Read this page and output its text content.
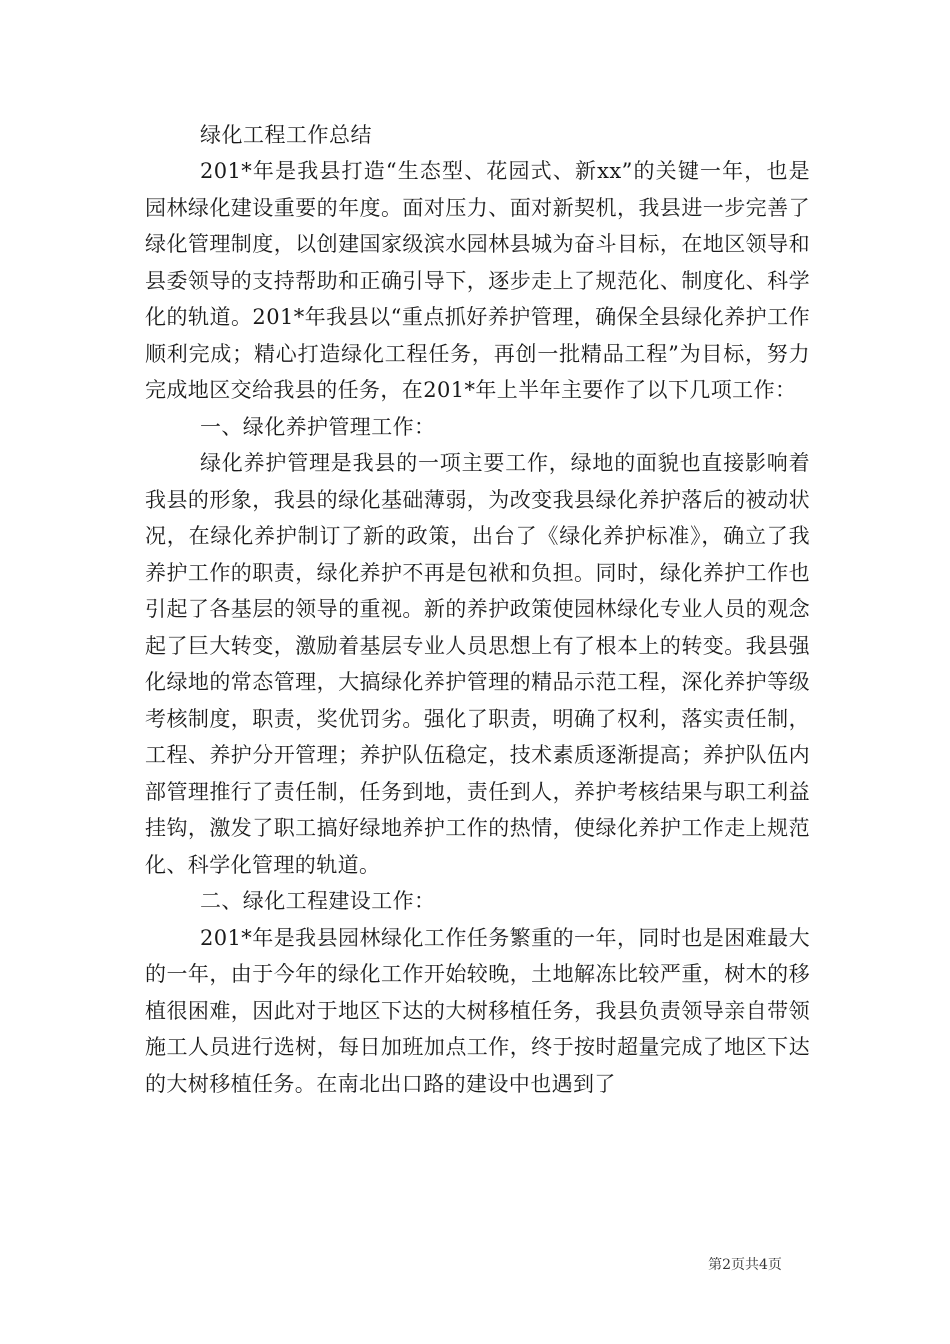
绿化工程工作总结

201*年是我县打造“生态型、花园式、新xx”的关键一年，也是园林绿化建设重要的年度。面对压力、面对新契机，我县进一步完善了绿化管理制度，以创建国家级滨水园林县城为奋斗目标，在地区领导和县委领导的支持帮助和正确引导下，逐步走上了规范化、制度化、科学化的轨道。201*年我县以“重点抓好养护管理，确保全县绿化养护工作顺利完成；精心打造绿化工程任务，再创一批精品工程”为目标，努力完成地区交给我县的任务，在201*年上半年主要作了以下几项工作：

一、绿化养护管理工作：

绿化养护管理是我县的一项主要工作，绿地的面貌也直接影响着我县的形象，我县的绿化基础薄弱，为改变我县绿化养护落后的被动状况，在绿化养护制订了新的政策，出台了《绿化养护标准》，确立了我养护工作的职责，绿化养护不再是包袱和负担。同时，绿化养护工作也引起了各基层的领导的重视。新的养护政策使园林绿化专业人员的观念起了巨大转变，激励着基层专业人员思想上有了根本上的转变。我县强化绿地的常态管理，大搞绿化养护管理的精品示范工程，深化养护等级考核制度，职责，奖优罚劣。强化了职责，明确了权利，落实责任制，工程、养护分开管理；养护队伍稳定，技术素质逐渐提高；养护队伍内部管理推行了责任制，任务到地，责任到人，养护考核结果与职工利益挂钩，激发了职工搞好绿地养护工作的热情，使绿化养护工作走上规范化、科学化管理的轨道。

二、绿化工程建设工作：

201*年是我县园林绿化工作任务繁重的一年，同时也是困难最大的一年，由于今年的绿化工作开始较晚，土地解冻比较严重，树木的移植很困难，因此对于地区下达的大树移植任务，我县负责领导亲自带领施工人员进行选树，每日加班加点工作，终于按时超量完成了地区下达的大树移植任务。在南北出口路的建设中也遇到了

第2页共4页
